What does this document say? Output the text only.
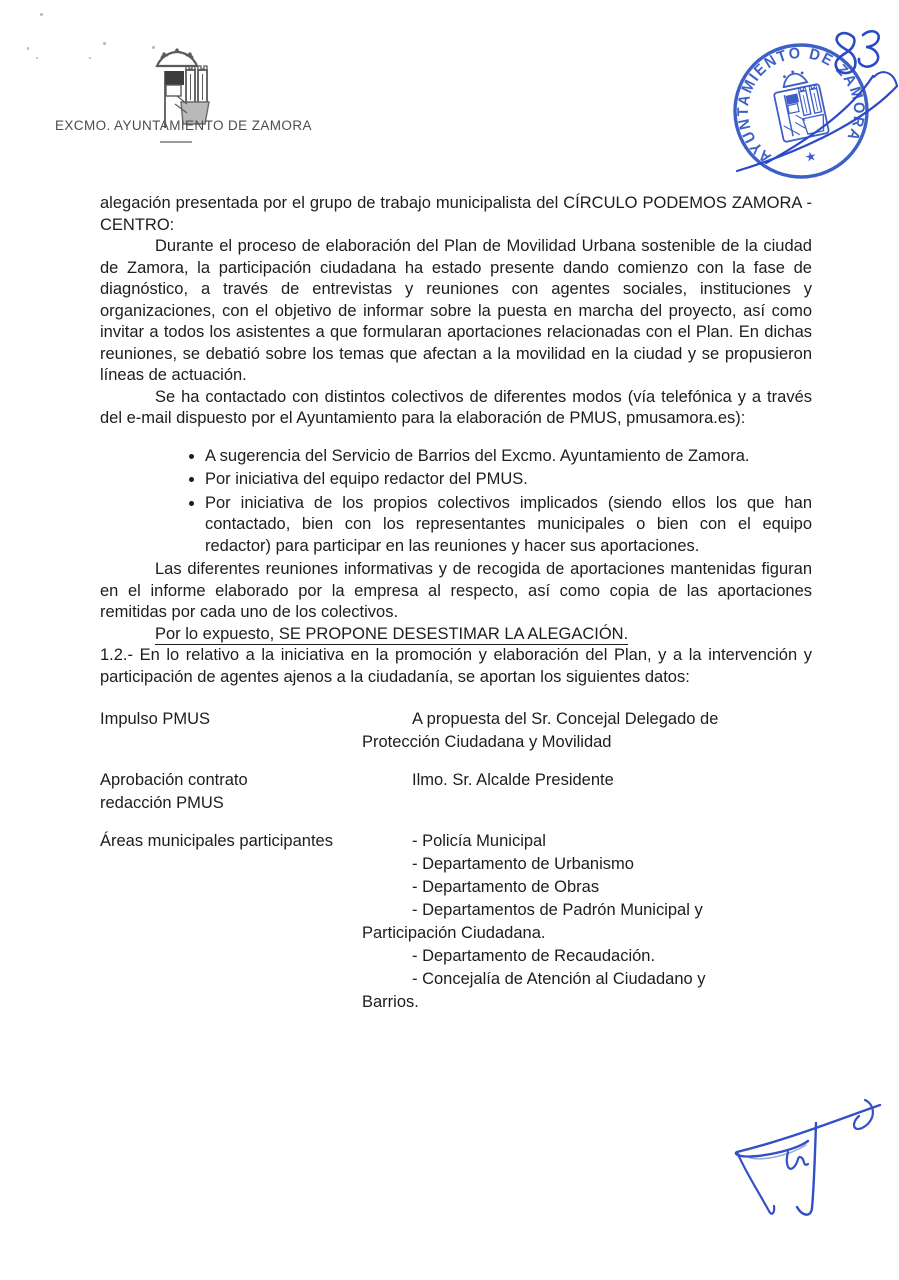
EXCMO. AYUNTAMIENTO DE ZAMORA
AYUNTAMIENTO DE ZAMORA
★

alegación presentada por el grupo de trabajo municipalista del CÍRCULO PODEMOS ZAMORA - CENTRO:

Durante el proceso de elaboración del Plan de Movilidad Urbana sostenible de la ciudad de Zamora, la participación ciudadana ha estado presente dando comienzo con la fase de diagnóstico, a través de entrevistas y reuniones con agentes sociales, instituciones y organizaciones, con el objetivo de informar sobre la puesta en marcha del proyecto, así como invitar a todos los asistentes a que formularan aportaciones relacionadas con el Plan. En dichas reuniones, se debatió sobre los temas que afectan a la movilidad en la ciudad y se propusieron líneas de actuación.

Se ha contactado con distintos colectivos de diferentes modos (vía telefónica y a través del e-mail dispuesto por el Ayuntamiento para la elaboración de PMUS, pmusamora.es):

• A sugerencia del Servicio de Barrios del Excmo. Ayuntamiento de Zamora.
• Por iniciativa del equipo redactor del PMUS.
• Por iniciativa de los propios colectivos implicados (siendo ellos los que han contactado, bien con los representantes municipales o bien con el equipo redactor) para participar en las reuniones y hacer sus aportaciones.

Las diferentes reuniones informativas y de recogida de aportaciones mantenidas figuran en el informe elaborado por la empresa al respecto, así como copia de las aportaciones remitidas por cada uno de los colectivos.

Por lo expuesto, SE PROPONE DESESTIMAR LA ALEGACIÓN.

1.2.- En lo relativo a la iniciativa en la promoción y elaboración del Plan, y a la intervención y participación de agentes ajenos a la ciudadanía, se aportan los siguientes datos:

Impulso PMUS	A propuesta del Sr. Concejal Delegado de Protección Ciudadana y Movilidad
Aprobación contrato redacción PMUS
Ilmo. Sr. Alcalde Presidente
Áreas municipales participantes	- Policía Municipal
- Departamento de Urbanismo
- Departamento de Obras
- Departamentos de Padrón Municipal y Participación Ciudadana.
- Departamento de Recaudación.
- Concejalía de Atención al Ciudadano y Barrios.
